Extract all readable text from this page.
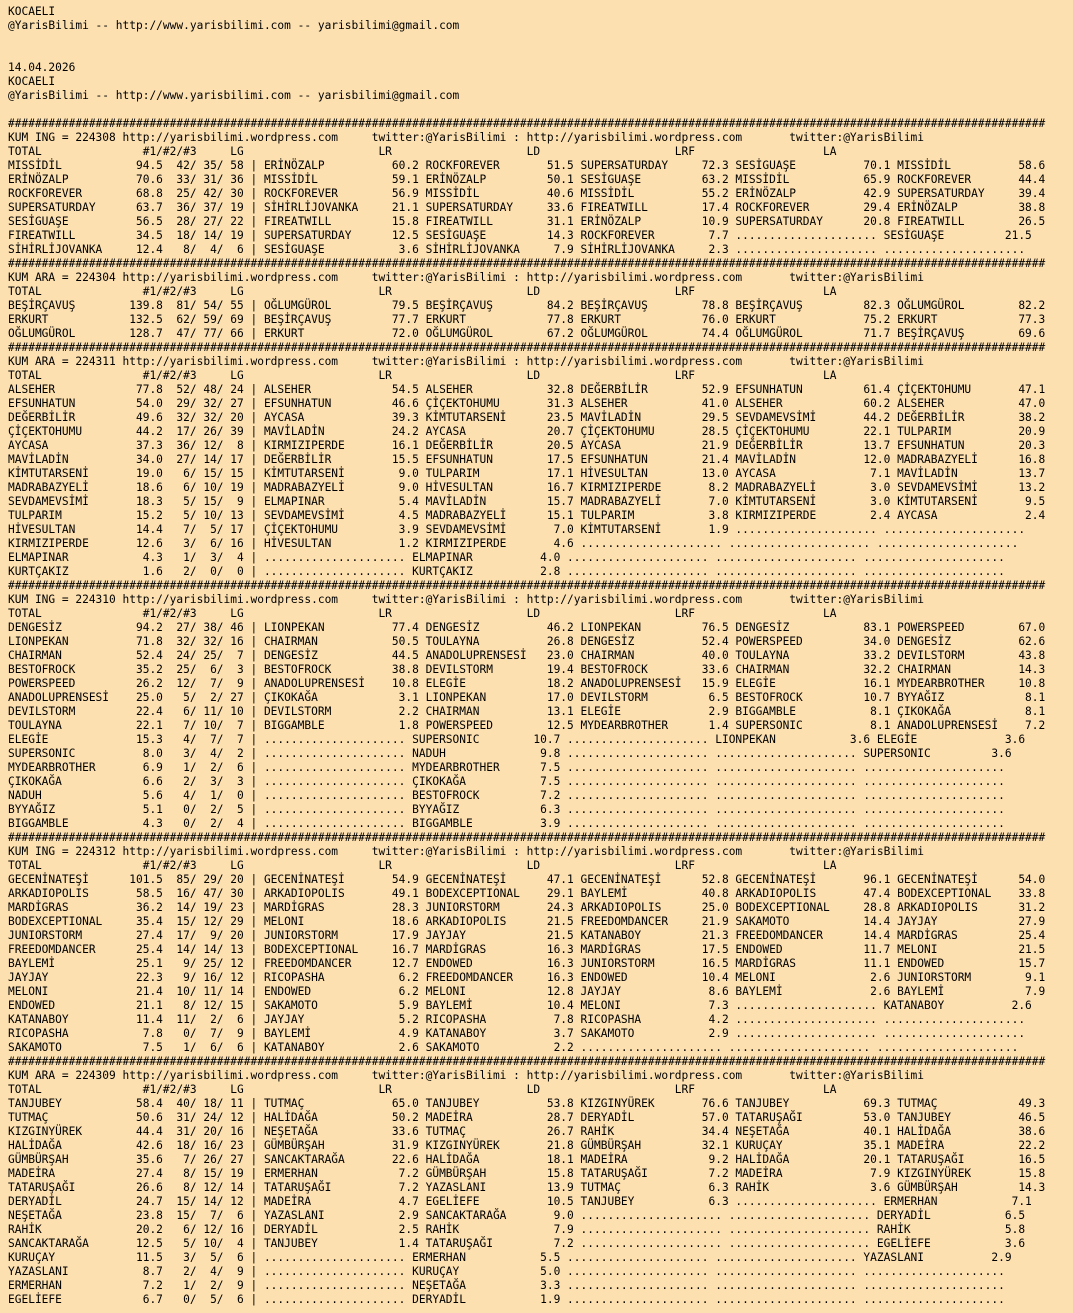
KOCAELI
@YarisBilimi -- http://www.yarisbilimi.com -- yarisbilimi@gmail.com
14.04.2026
KOCAELI
@YarisBilimi -- http://www.yarisbilimi.com -- yarisbilimi@gmail.com
##########################################################################################################################################################
KUM ING = 224308 http://yarisbilimi.wordpress.com     twitter:@YarisBilimi : http://yarisbilimi.wordpress.com       twitter:@YarisBilimi
TOTAL               #1/#2/#3     LG                    LR                    LD                    LRF                   LA
MISSİDİL           94.5  42/ 35/ 58 | ERİNÖZALP          60.2 ROCKFOREVER       51.5 SUPERSATURDAY     72.3 SESİGUAŞE          70.1 MISSİDİL          58.6
ERİNÖZALP          70.6  33/ 31/ 36 | MISSİDİL           59.1 ERİNÖZALP         50.1 SESİGUAŞE         63.2 MISSİDİL           65.9 ROCKFOREVER       44.4
ROCKFOREVER        68.8  25/ 42/ 30 | ROCKFOREVER        56.9 MISSİDİL          40.6 MISSİDİL          55.2 ERİNÖZALP          42.9 SUPERSATURDAY     39.4
SUPERSATURDAY      63.7  36/ 37/ 19 | SİHİRLİJOVANKA     21.1 SUPERSATURDAY     33.6 FIREATWILL        17.4 ROCKFOREVER        29.4 ERİNÖZALP         38.8
SESİGUAŞE          56.5  28/ 27/ 22 | FIREATWILL         15.8 FIREATWILL        31.1 ERİNÖZALP         10.9 SUPERSATURDAY      20.8 FIREATWILL        26.5
FIREATWILL         34.5  18/ 14/ 19 | SUPERSATURDAY      12.5 SESİGUAŞE         14.3 ROCKFOREVER        7.7 ..................... SESİGUAŞE         21.5
SİHİRLİJOVANKA     12.4   8/  4/  6 | SESİGUAŞE           3.6 SİHİRLİJOVANKA     7.9 SİHİRLİJOVANKA     2.3 ..................... .....................
##########################################################################################################################################################
KUM ARA = 224304 http://yarisbilimi.wordpress.com     twitter:@YarisBilimi : http://yarisbilimi.wordpress.com       twitter:@YarisBilimi
TOTAL               #1/#2/#3     LG                    LR                    LD                    LRF                   LA
BEŞİRÇAVUŞ        139.8  81/ 54/ 55 | OĞLUMGÜROL         79.5 BEŞİRÇAVUŞ        84.2 BEŞİRÇAVUŞ        78.8 BEŞİRÇAVUŞ         82.3 OĞLUMGÜROL        82.2
ERKURT            132.5  62/ 59/ 69 | BEŞİRÇAVUŞ         77.7 ERKURT            77.8 ERKURT            76.0 ERKURT             75.2 ERKURT            77.3
OĞLUMGÜROL        128.7  47/ 77/ 66 | ERKURT             72.0 OĞLUMGÜROL        67.2 OĞLUMGÜROL        74.4 OĞLUMGÜROL         71.7 BEŞİRÇAVUŞ        69.6
##########################################################################################################################################################
KUM ARA = 224311 http://yarisbilimi.wordpress.com     twitter:@YarisBilimi : http://yarisbilimi.wordpress.com       twitter:@YarisBilimi
TOTAL               #1/#2/#3     LG                    LR                    LD                    LRF                   LA
ALSEHER            77.8  52/ 48/ 24 | ALSEHER            54.5 ALSEHER           32.8 DEĞERBİLİR        52.9 EFSUNHATUN         61.4 ÇİÇEKTOHUMU       47.1
EFSUNHATUN         54.0  29/ 32/ 27 | EFSUNHATUN         46.6 ÇİÇEKTOHUMU       31.3 ALSEHER           41.0 ALSEHER            60.2 ALSEHER           47.0
DEĞERBİLİR         49.6  32/ 32/ 20 | AYCASA             39.3 KİMTUTARSENİ      23.5 MAVİLADİN         29.5 SEVDAMEVSİMİ       44.2 DEĞERBİLİR        38.2
ÇİÇEKTOHUMU        44.2  17/ 26/ 39 | MAVİLADİN          24.2 AYCASA            20.7 ÇİÇEKTOHUMU       28.5 ÇİÇEKTOHUMU        22.1 TULPARIM          20.9
AYCASA             37.3  36/ 12/  8 | KIRMIZIPERDE       16.1 DEĞERBİLİR        20.5 AYCASA            21.9 DEĞERBİLİR         13.7 EFSUNHATUN        20.3
MAVİLADİN          34.0  27/ 14/ 17 | DEĞERBİLİR         15.5 EFSUNHATUN        17.5 EFSUNHATUN        21.4 MAVİLADİN          12.0 MADRABAZYELİ      16.8
KİMTUTARSENİ       19.0   6/ 15/ 15 | KİMTUTARSENİ        9.0 TULPARIM          17.1 HİVESULTAN        13.0 AYCASA              7.1 MAVİLADİN         13.7
MADRABAZYELİ       18.6   6/ 10/ 19 | MADRABAZYELİ        9.0 HİVESULTAN        16.7 KIRMIZIPERDE       8.2 MADRABAZYELİ        3.0 SEVDAMEVSİMİ      13.2
SEVDAMEVSİMİ       18.3   5/ 15/  9 | ELMAPINAR           5.4 MAVİLADİN         15.7 MADRABAZYELİ       7.0 KİMTUTARSENİ        3.0 KİMTUTARSENİ       9.5
TULPARIM           15.2   5/ 10/ 13 | SEVDAMEVSİMİ        4.5 MADRABAZYELİ      15.1 TULPARIM           3.8 KIRMIZIPERDE        2.4 AYCASA             2.4
HİVESULTAN         14.4   7/  5/ 17 | ÇİÇEKTOHUMU         3.9 SEVDAMEVSİMİ       7.0 KİMTUTARSENİ       1.9 ..................... .....................
KIRMIZIPERDE       12.6   3/  6/ 16 | HİVESULTAN          1.2 KIRMIZIPERDE       4.6 ..................... ..................... .....................
ELMAPINAR           4.3   1/  3/  4 | ..................... ELMAPINAR          4.0 ..................... ..................... .....................
KURTÇAKIZ           1.6   2/  0/  0 | ..................... KURTÇAKIZ          2.8 ..................... ..................... .....................
##########################################################################################################################################################
KUM ING = 224310 http://yarisbilimi.wordpress.com     twitter:@YarisBilimi : http://yarisbilimi.wordpress.com       twitter:@YarisBilimi
TOTAL               #1/#2/#3     LG                    LR                    LD                    LRF                   LA
DENGESİZ           94.2  27/ 38/ 46 | LIONPEKAN          77.4 DENGESİZ          46.2 LIONPEKAN         76.5 DENGESİZ           83.1 POWERSPEED        67.0
LIONPEKAN          71.8  32/ 32/ 16 | CHAIRMAN           50.5 TOULAYNA          26.8 DENGESİZ          52.4 POWERSPEED         34.0 DENGESİZ          62.6
CHAIRMAN           52.4  24/ 25/  7 | DENGESİZ           44.5 ANADOLUPRENSESİ   23.0 CHAIRMAN          40.0 TOULAYNA           33.2 DEVILSTORM        43.8
BESTOFROCK         35.2  25/  6/  3 | BESTOFROCK         38.8 DEVILSTORM        19.4 BESTOFROCK        33.6 CHAIRMAN           32.2 CHAIRMAN          14.3
POWERSPEED         26.2  12/  7/  9 | ANADOLUPRENSESİ    10.8 ELEGİE            18.2 ANADOLUPRENSESİ   15.9 ELEGİE             16.1 MYDEARBROTHER     10.8
ANADOLUPRENSESİ    25.0   5/  2/ 27 | ÇIKOKAĞA            3.1 LIONPEKAN         17.0 DEVILSTORM         6.5 BESTOFROCK         10.7 BYYAĞIZ            8.1
DEVILSTORM         22.4   6/ 11/ 10 | DEVILSTORM          2.2 CHAIRMAN          13.1 ELEGİE             2.9 BIGGAMBLE           8.1 ÇIKOKAĞA           8.1
TOULAYNA           22.1   7/ 10/  7 | BIGGAMBLE           1.8 POWERSPEED        12.5 MYDEARBROTHER      1.4 SUPERSONIC          8.1 ANADOLUPRENSESİ    7.2
ELEGİE             15.3   4/  7/  7 | ..................... SUPERSONIC        10.7 ..................... LIONPEKAN           3.6 ELEGİE             3.6
SUPERSONIC          8.0   3/  4/  2 | ..................... NADUH              9.8 ..................... ..................... SUPERSONIC         3.6
MYDEARBROTHER       6.9   1/  2/  6 | ..................... MYDEARBROTHER      7.5 ..................... ..................... .....................
ÇIKOKAĞA            6.6   2/  3/  3 | ..................... ÇIKOKAĞA           7.5 ..................... ..................... .....................
NADUH               5.6   4/  1/  0 | ..................... BESTOFROCK         7.2 ..................... ..................... .....................
BYYAĞIZ             5.1   0/  2/  5 | ..................... BYYAĞIZ            6.3 ..................... ..................... .....................
BIGGAMBLE           4.3   0/  2/  4 | ..................... BIGGAMBLE          3.9 ..................... ..................... .....................
##########################################################################################################################################################
KUM ING = 224312 http://yarisbilimi.wordpress.com     twitter:@YarisBilimi : http://yarisbilimi.wordpress.com       twitter:@YarisBilimi
TOTAL               #1/#2/#3     LG                    LR                    LD                    LRF                   LA
GECENİNATEŞİ      101.5  85/ 29/ 20 | GECENİNATEŞİ       54.9 GECENİNATEŞİ      47.1 GECENİNATEŞİ      52.8 GECENİNATEŞİ       96.1 GECENİNATEŞİ      54.0
ARKADIOPOLIS       58.5  16/ 47/ 30 | ARKADIOPOLIS       49.1 BODEXCEPTIONAL    29.1 BAYLEMİ           40.8 ARKADIOPOLIS       47.4 BODEXCEPTIONAL    33.8
MARDİGRAS          36.2  14/ 19/ 23 | MARDİGRAS          28.3 JUNIORSTORM       24.3 ARKADIOPOLIS      25.0 BODEXCEPTIONAL     28.8 ARKADIOPOLIS      31.2
BODEXCEPTIONAL     35.4  15/ 12/ 29 | MELONI             18.6 ARKADIOPOLIS      21.5 FREEDOMDANCER     21.9 SAKAMOTO           14.4 JAYJAY            27.9
JUNIORSTORM        27.4  17/  9/ 20 | JUNIORSTORM        17.9 JAYJAY            21.5 KATANABOY         21.3 FREEDOMDANCER      14.4 MARDİGRAS         25.4
FREEDOMDANCER      25.4  14/ 14/ 13 | BODEXCEPTIONAL     16.7 MARDİGRAS         16.3 MARDİGRAS         17.5 ENDOWED            11.7 MELONI            21.5
BAYLEMİ            25.1   9/ 25/ 12 | FREEDOMDANCER      12.7 ENDOWED           16.3 JUNIORSTORM       16.5 MARDİGRAS          11.1 ENDOWED           15.7
JAYJAY             22.3   9/ 16/ 12 | RICOPASHA           6.2 FREEDOMDANCER     16.3 ENDOWED           10.4 MELONI              2.6 JUNIORSTORM        9.1
MELONI             21.4  10/ 11/ 14 | ENDOWED             6.2 MELONI            12.8 JAYJAY             8.6 BAYLEMİ             2.6 BAYLEMİ            7.9
ENDOWED            21.1   8/ 12/ 15 | SAKAMOTO            5.9 BAYLEMİ           10.4 MELONI             7.3 ..................... KATANABOY          2.6
KATANABOY          11.4  11/  2/  6 | JAYJAY              5.2 RICOPASHA          7.8 RICOPASHA          4.2 ..................... .....................
RICOPASHA           7.8   0/  7/  9 | BAYLEMİ             4.9 KATANABOY          3.7 SAKAMOTO           2.9 ..................... .....................
SAKAMOTO            7.5   1/  6/  6 | KATANABOY           2.6 SAKAMOTO           2.2 ..................... ..................... .....................
##########################################################################################################################################################
KUM ARA = 224309 http://yarisbilimi.wordpress.com     twitter:@YarisBilimi : http://yarisbilimi.wordpress.com       twitter:@YarisBilimi
TOTAL               #1/#2/#3     LG                    LR                    LD                    LRF                   LA
TANJUBEY           58.4  40/ 18/ 11 | TUTMAÇ             65.0 TANJUBEY          53.8 KIZGINYÜREK       76.6 TANJUBEY           69.3 TUTMAÇ            49.3
TUTMAÇ             50.6  31/ 24/ 12 | HALİDAĞA           50.2 MADEİRA           28.7 DERYADİL          57.0 TATARUŞAĞI         53.0 TANJUBEY          46.5
KIZGINYÜREK        44.4  31/ 20/ 16 | NEŞETAĞA           33.6 TUTMAÇ            26.7 RAHİK             34.4 NEŞETAĞA           40.1 HALİDAĞA          38.6
HALİDAĞA           42.6  18/ 16/ 23 | GÜMBÜRŞAH          31.9 KIZGINYÜREK       21.8 GÜMBÜRŞAH         32.1 KURUÇAY            35.1 MADEİRA           22.2
GÜMBÜRŞAH          35.6   7/ 26/ 27 | SANCAKTARAĞA       22.6 HALİDAĞA          18.1 MADEİRA            9.2 HALİDAĞA           20.1 TATARUŞAĞI        16.5
MADEİRA            27.4   8/ 15/ 19 | ERMERHAN            7.2 GÜMBÜRŞAH         15.8 TATARUŞAĞI         7.2 MADEİRA             7.9 KIZGINYÜREK       15.8
TATARUŞAĞI         26.6   8/ 12/ 14 | TATARUŞAĞI          7.2 YAZASLANI         13.9 TUTMAÇ             6.3 RAHİK               3.6 GÜMBÜRŞAH         14.3
DERYADİL           24.7  15/ 14/ 12 | MADEİRA             4.7 EGELİEFE          10.5 TANJUBEY           6.3 ..................... ERMERHAN           7.1
NEŞETAĞA           23.8  15/  7/  6 | YAZASLANI           2.9 SANCAKTARAĞA       9.0 ..................... ..................... DERYADİL           6.5
RAHİK              20.2   6/ 12/ 16 | DERYADİL            2.5 RAHİK              7.9 ..................... ..................... RAHİK              5.8
SANCAKTARAĞA       12.5   5/ 10/  4 | TANJUBEY            1.4 TATARUŞAĞI         7.2 ..................... ..................... EGELİEFE           3.6
KURUÇAY            11.5   3/  5/  6 | ..................... ERMERHAN           5.5 ..................... ..................... YAZASLANI          2.9
YAZASLANI           8.7   2/  4/  9 | ..................... KURUÇAY            5.0 ..................... ..................... .....................
ERMERHAN            7.2   1/  2/  9 | ..................... NEŞETAĞA           3.3 ..................... ..................... .....................
EGELİEFE            6.7   0/  5/  6 | ..................... DERYADİL           1.9 ..................... ..................... .....................
